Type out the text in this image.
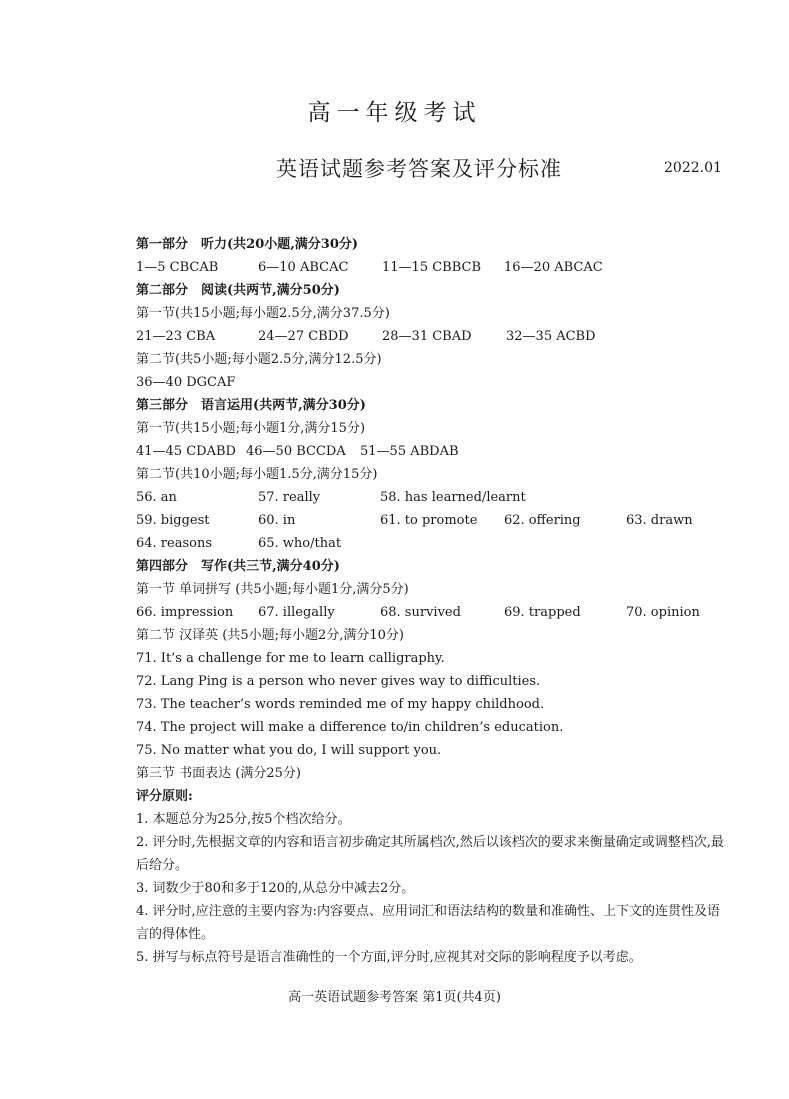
高一年级考试
英语试题参考答案及评分标准	2022.01
第一部分　听力(共20小题,满分30分)
1—5 CBCAB	6—10 ABCAC	11—15 CBBCB	16—20 ABCAC
第二部分　阅读(共两节,满分50分)
第一节(共15小题;每小题2.5分,满分37.5分)
21—23 CBA	24—27 CBDD	28—31 CBAD	32—35 ACBD
第二节(共5小题;每小题2.5分,满分12.5分)
36—40 DGCAF
第三部分　语言运用(共两节,满分30分)
第一节(共15小题;每小题1分,满分15分)
41—45 CDABD 46—50 BCCDA	51—55 ABDAB
第二节(共10小题;每小题1.5分,满分15分)
56. an	57. really	58. has learned/learnt
59. biggest	60. in	61. to promote	62. offering	63. drawn
64. reasons	65. who/that
第四部分　写作(共三节,满分40分)
第一节 单词拼写 (共5小题;每小题1分,满分5分)
66. impression	67. illegally	68. survived	69. trapped	70. opinion
第二节 汉译英 (共5小题;每小题2分,满分10分)
71. It’s a challenge for me to learn calligraphy.
72. Lang Ping is a person who never gives way to difficulties.
73. The teacher’s words reminded me of my happy childhood.
74. The project will make a difference to/in children’s education.
75. No matter what you do, I will support you.
第三节 书面表达 (满分25分)
评分原则:
1. 本题总分为25分,按5个档次给分。
2. 评分时,先根据文章的内容和语言初步确定其所属档次,然后以该档次的要求来衡量确定或调整档次,最后给分。
3. 词数少于80和多于120的,从总分中减去2分。
4. 评分时,应注意的主要内容为:内容要点、应用词汇和语法结构的数量和准确性、上下文的连贯性及语言的得体性。
5. 拼写与标点符号是语言准确性的一个方面,评分时,应视其对交际的影响程度予以考虑。
高一英语试题参考答案 第1页(共4页)
